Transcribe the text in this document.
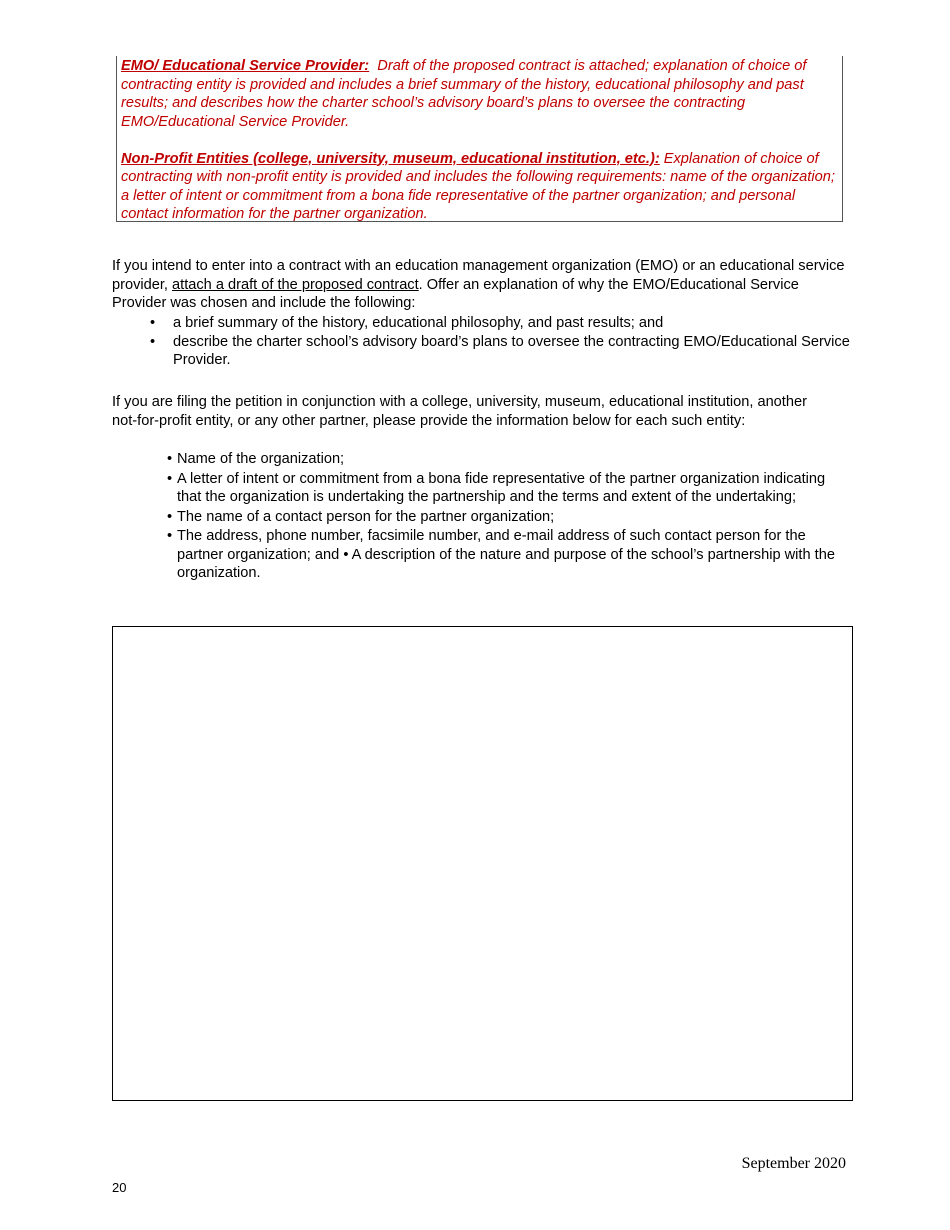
EMO/ Educational Service Provider: Draft of the proposed contract is attached; explanation of choice of contracting entity is provided and includes a brief summary of the history, educational philosophy and past results; and describes how the charter school’s advisory board’s plans to oversee the contracting EMO/Educational Service Provider.

Non-Profit Entities (college, university, museum, educational institution, etc.): Explanation of choice of contracting with non-profit entity is provided and includes the following requirements: name of the organization; a letter of intent or commitment from a bona fide representative of the partner organization; and personal contact information for the partner organization.

If you intend to enter into a contract with an education management organization (EMO) or an educational service provider, attach a draft of the proposed contract. Offer an explanation of why the EMO/Educational Service Provider was chosen and include the following:

• a brief summary of the history, educational philosophy, and past results; and
• describe the charter school’s advisory board’s plans to oversee the contracting EMO/Educational Service Provider.

If you are filing the petition in conjunction with a college, university, museum, educational institution, another not-for-profit entity, or any other partner, please provide the information below for each such entity:

• Name of the organization;
• A letter of intent or commitment from a bona fide representative of the partner organization indicating that the organization is undertaking the partnership and the terms and extent of the undertaking;
• The name of a contact person for the partner organization;
• The address, phone number, facsimile number, and e-mail address of such contact person for the partner organization; and • A description of the nature and purpose of the school’s partnership with the organization.
September 2020
20
